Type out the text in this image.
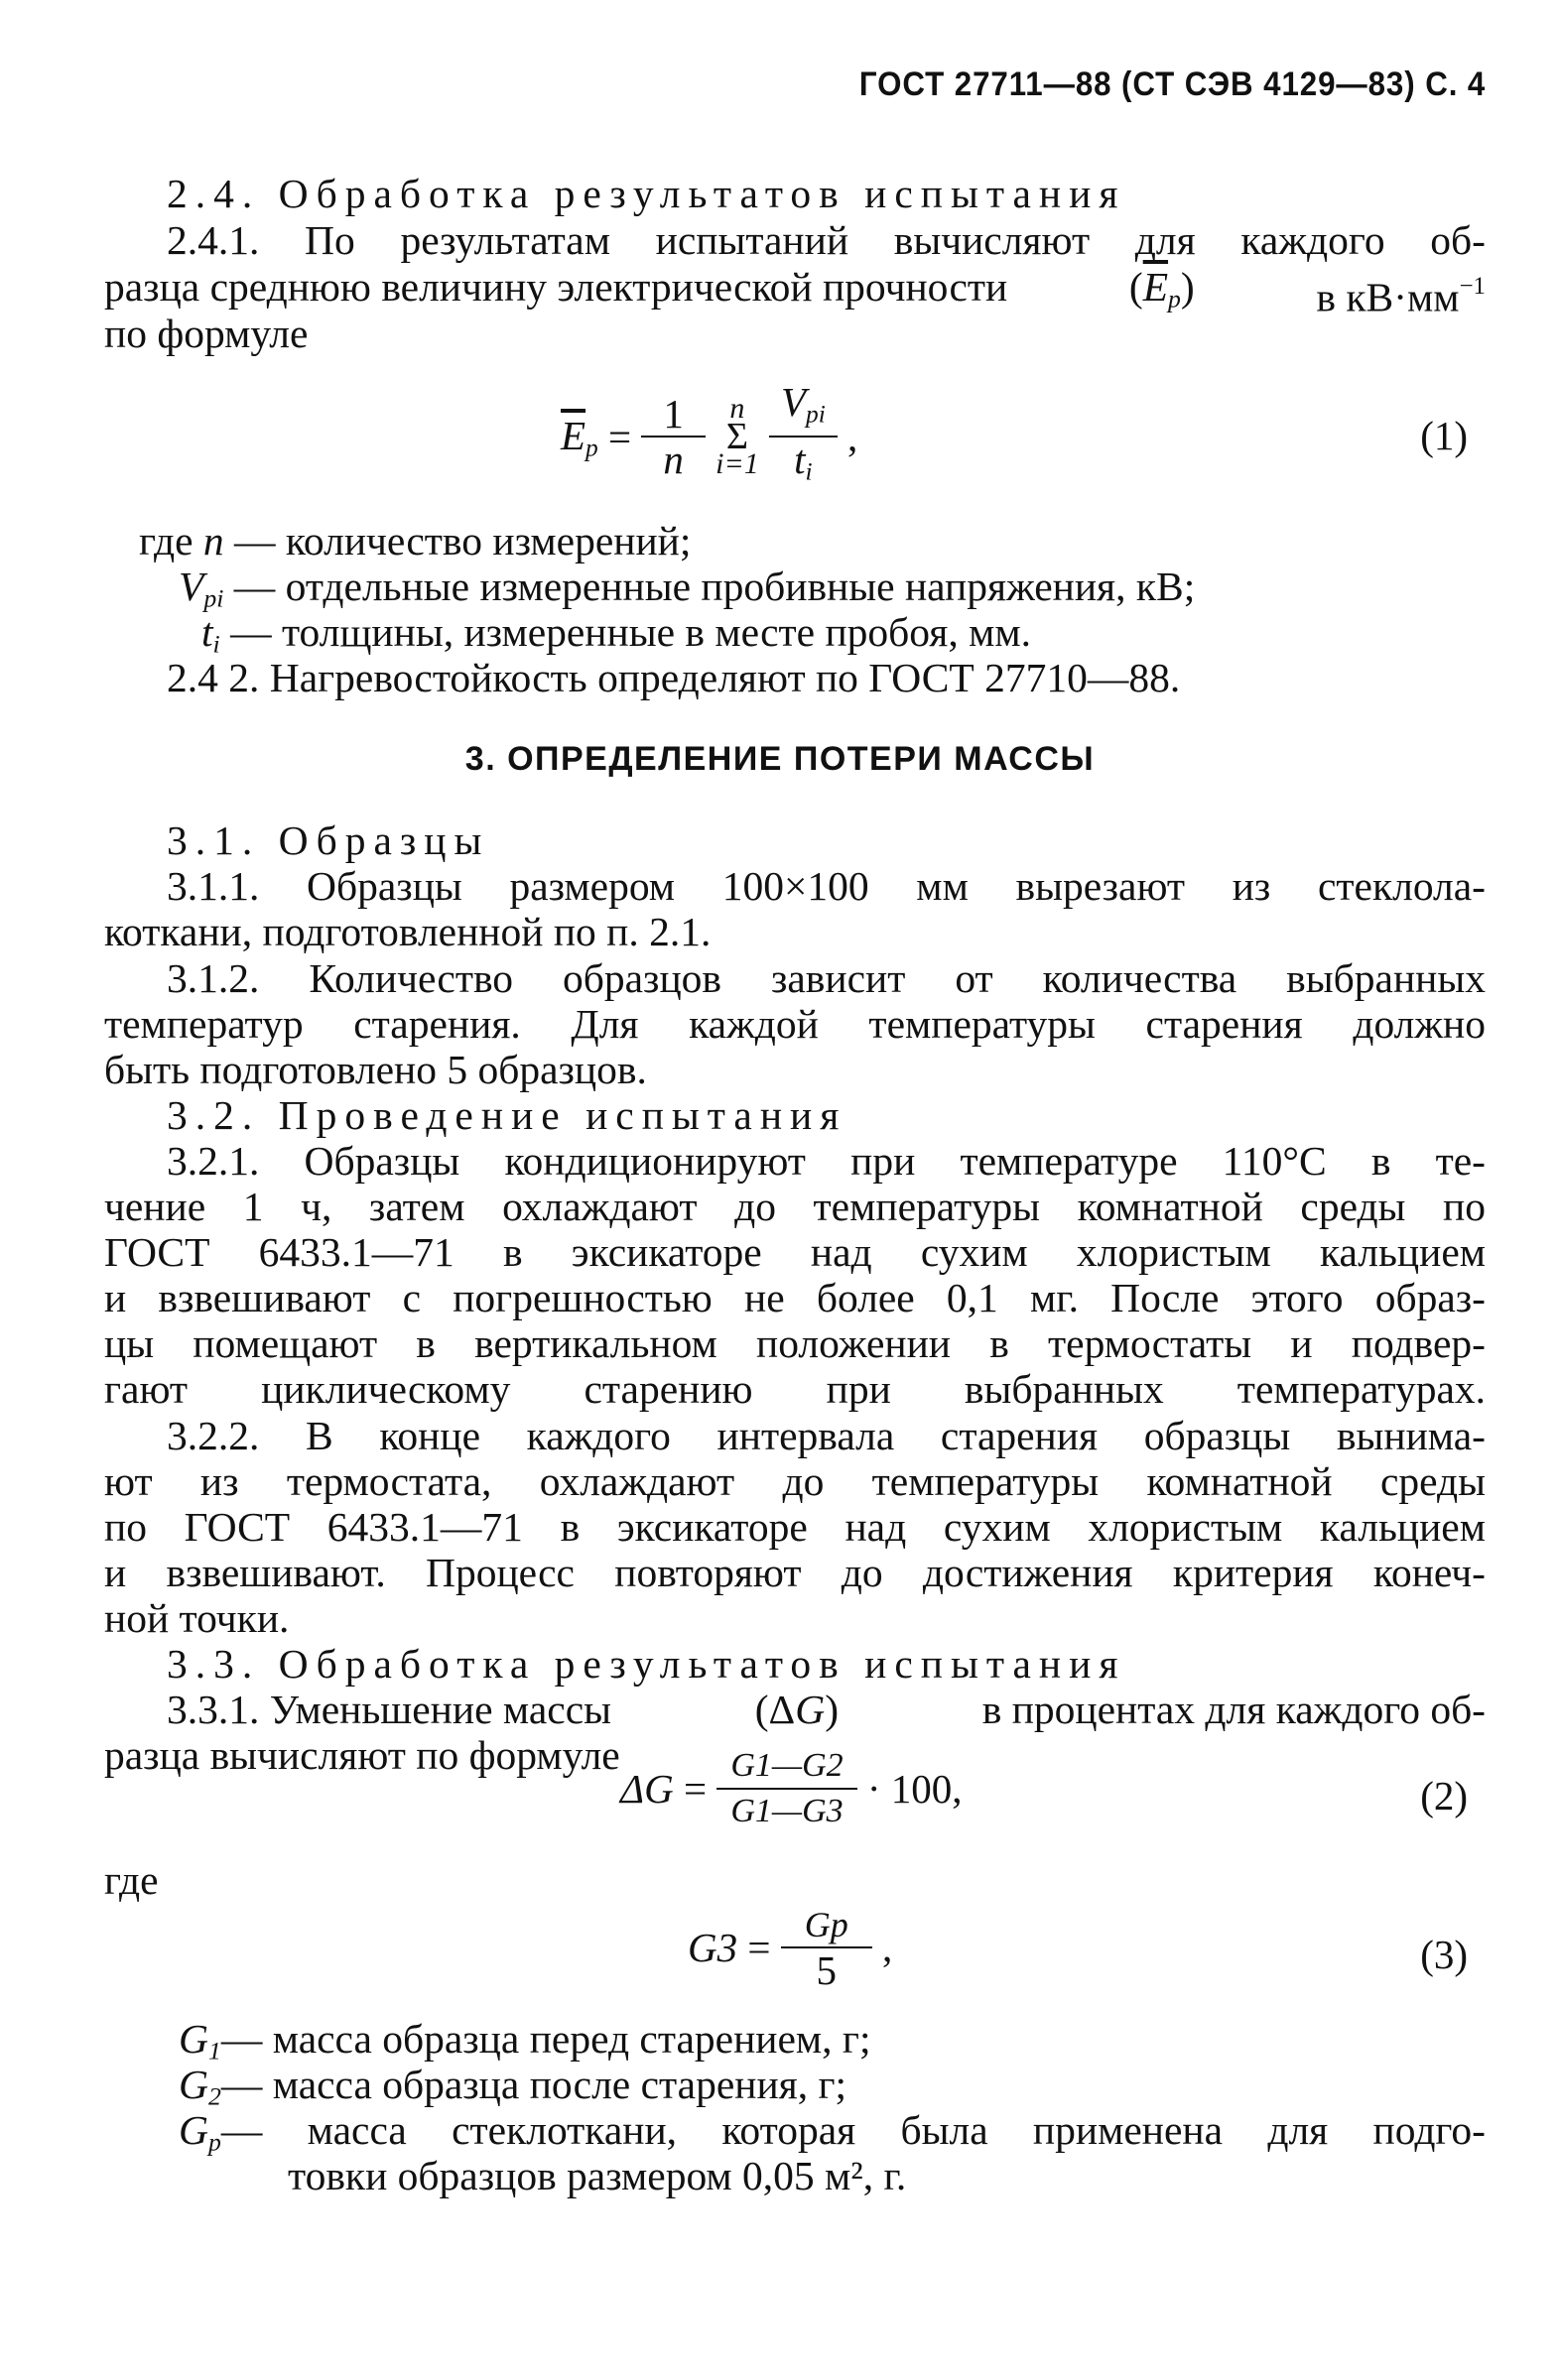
ГОСТ 27711—88 (СТ СЭВ 4129—83) С. 4
2.4. Обработка результатов испытания
2.4.1. По результатам испытаний вычисляют для каждого об-
разца среднюю величину электрической прочности	$(\overline{E}_p)$	в $кВ\cdot мм^{-1}$
по формуле
$\overline{E}_p = \frac{1}{n}$
n
Σ
i=1
$\frac{V_{pi}}{t_i}$ ,	(1)
где n — количество измерений;
$V_{pi}$ — отдельные измеренные пробивные напряжения, кВ;
$t_i$ — толщины, измеренные в месте пробоя, мм.
2.4 2. Нагревостойкость определяют по ГОСТ 27710—88.
3. ОПРЕДЕЛЕНИЕ ПОТЕРИ МАССЫ
3.1. Образцы
3.1.1. Образцы размером 100×100 мм вырезают из стеклола-
коткани, подготовленной по п. 2.1.
3.1.2. Количество образцов зависит от количества выбранных
температур старения. Для каждой температуры старения должно
быть подготовлено 5 образцов.
3.2. Проведение испытания
3.2.1. Образцы кондиционируют при температуре 110°С в те-
чение 1 ч, затем охлаждают до температуры комнатной среды по
ГОСТ 6433.1—71 в эксикаторе над сухим хлористым кальцием
и взвешивают с погрешностью не более 0,1 мг. После этого образ-
цы помещают в вертикальном положении в термостаты и подвер-
гают циклическому старению при выбранных температурах.
3.2.2. В конце каждого интервала старения образцы вынима-
ют из термостата, охлаждают до температуры комнатной среды
по ГОСТ 6433.1—71 в эксикаторе над сухим хлористым кальцием
и взвешивают. Процесс повторяют до достижения критерия конеч-
ной точки.
3.3. Обработка результатов испытания
3.3.1. Уменьшение массы	(ΔG)	в процентах для каждого об-
разца вычисляют по формуле
$\Delta G = \frac{G1—G2}{G1—G3} \cdot 100$,	(2)
где
$G3 = \frac{Gp}{5}$ ,	(3)
$G_1—$ масса образца перед старением, г;
$G_2—$ масса образца после старения, г;
$G_p—$ масса стеклоткани, которая была применена для подго-
товки образцов размером 0,05 м², г.
